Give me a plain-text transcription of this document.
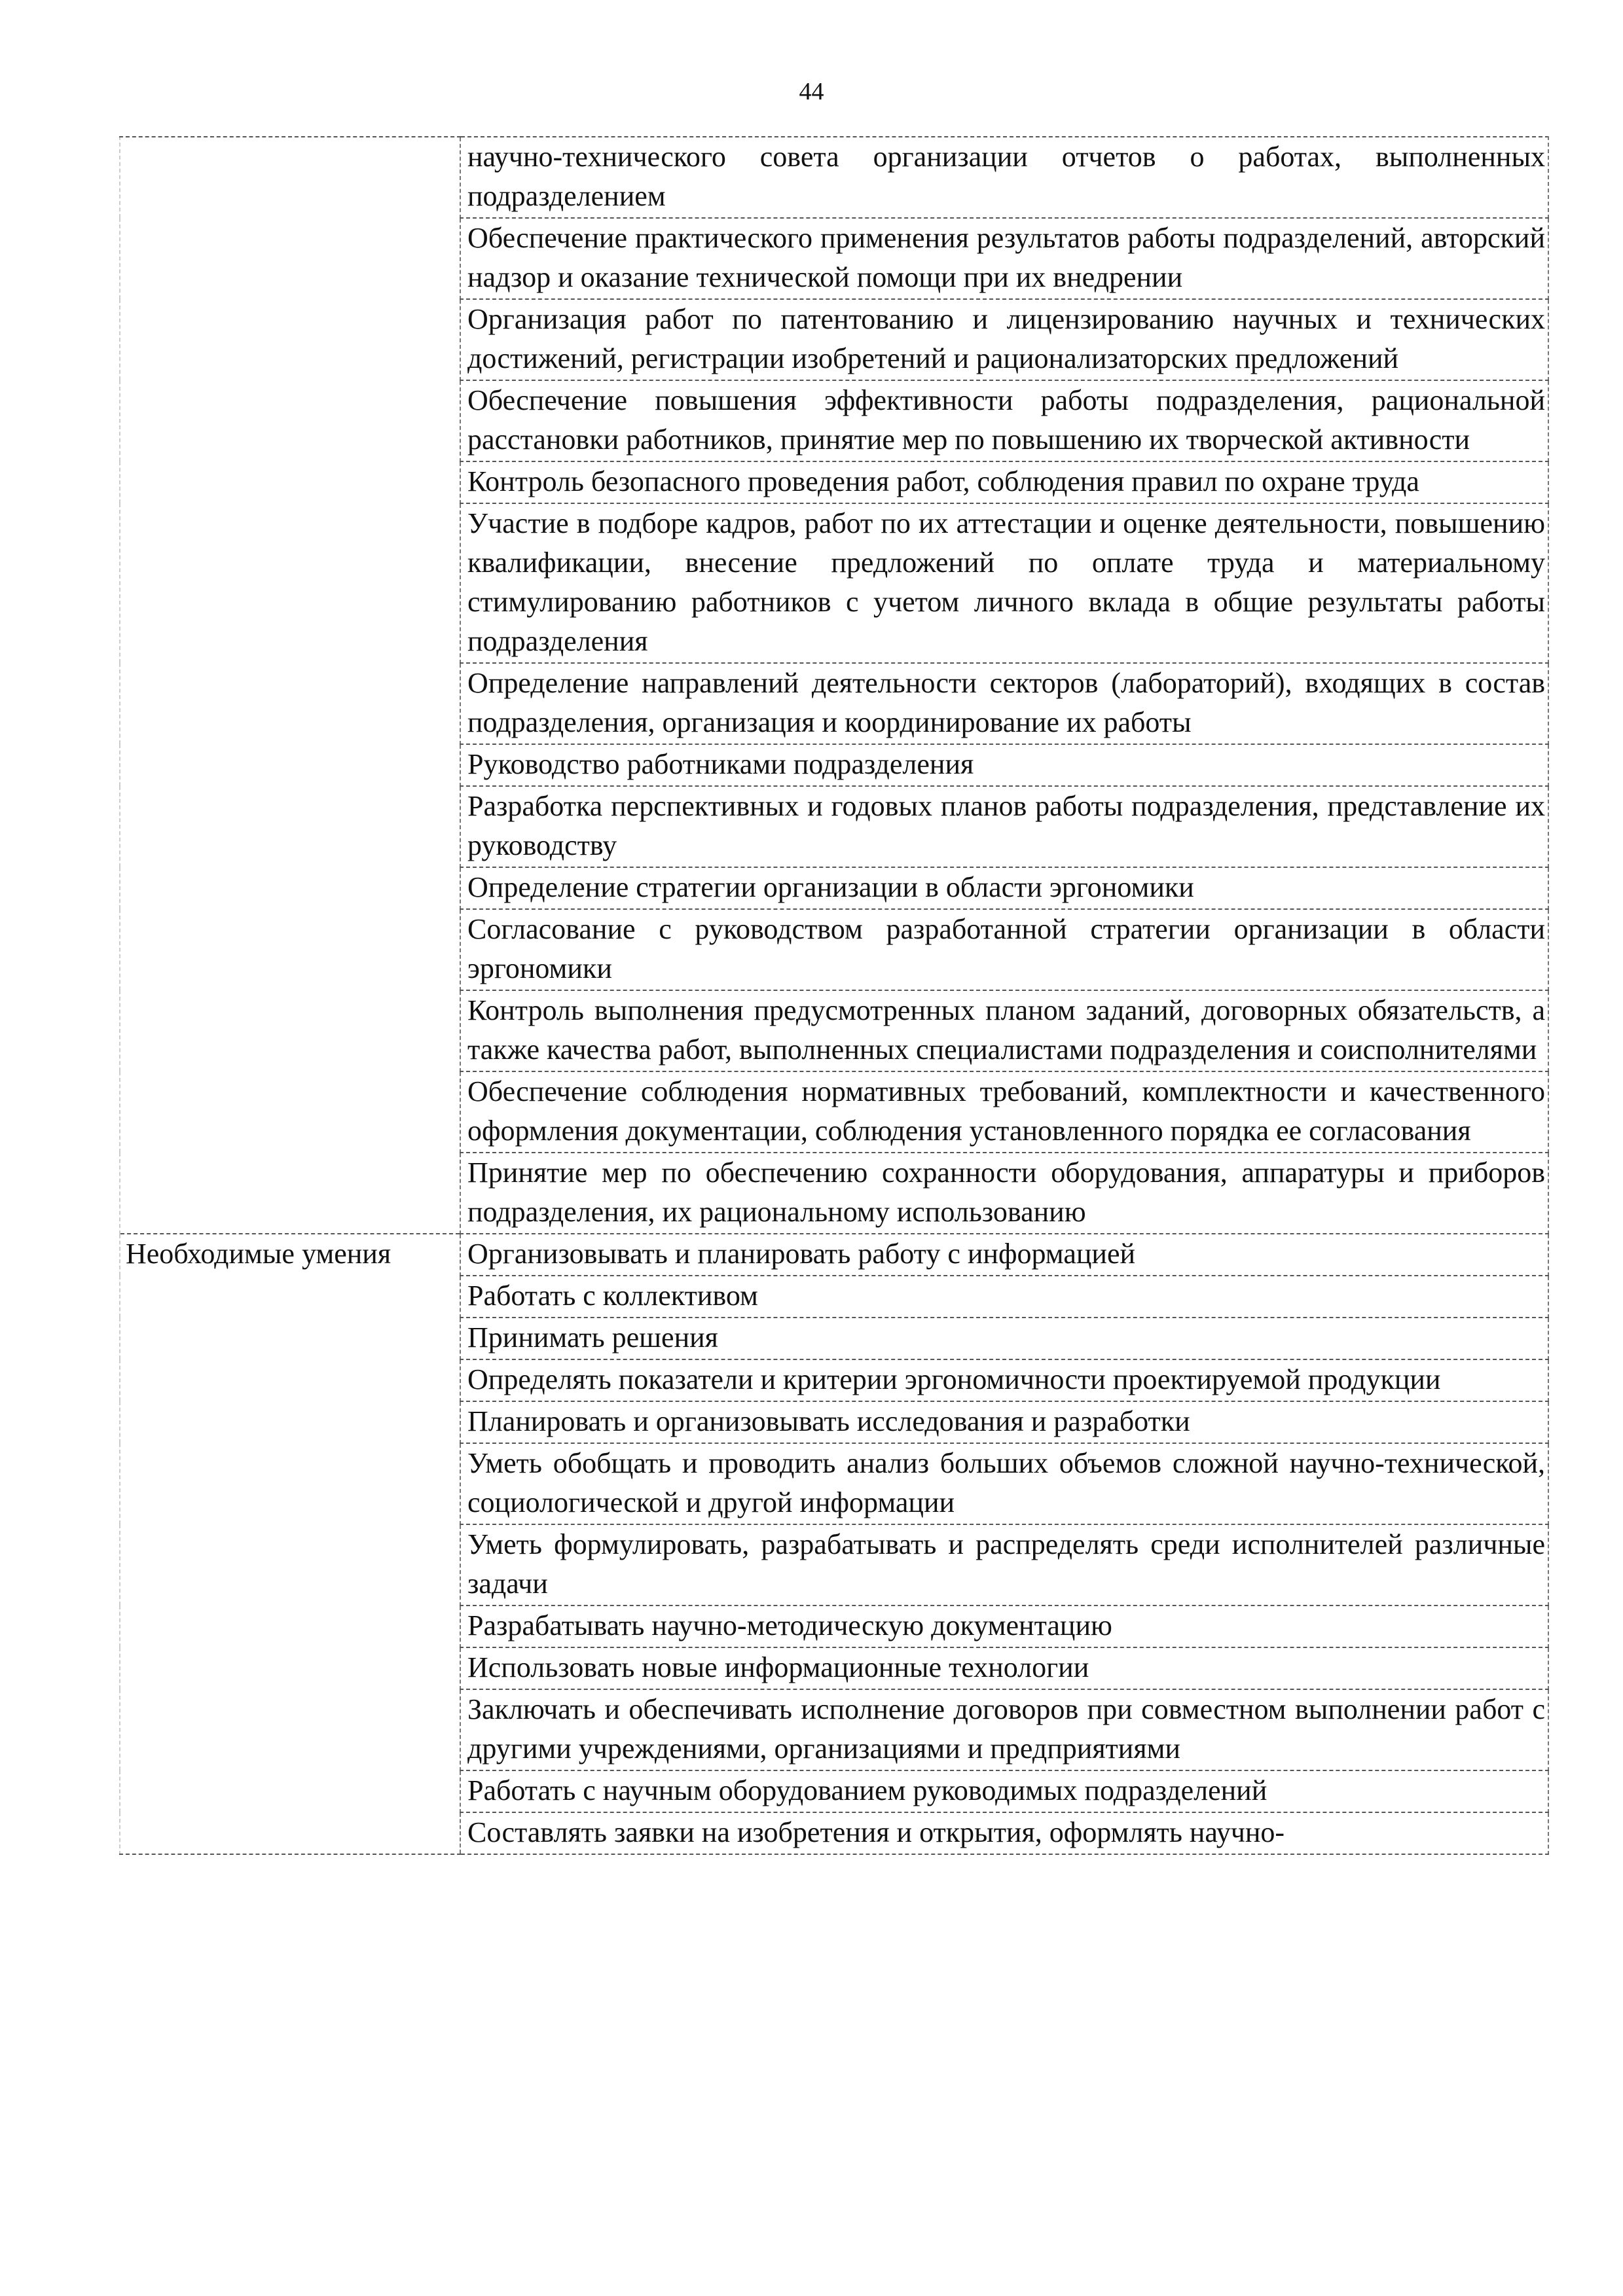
44
	научно-технического совета организации отчетов о работах, выполненных подразделением
	Обеспечение практического применения результатов работы подразделений, авторский надзор и оказание технической помощи при их внедрении
	Организация работ по патентованию и лицензированию научных и технических достижений, регистрации изобретений и рационализаторских предложений
	Обеспечение повышения эффективности работы подразделения, рациональной расстановки работников, принятие мер по повышению их творческой активности
	Контроль безопасного проведения работ, соблюдения правил по охране труда
	Участие в подборе кадров, работ по их аттестации и оценке деятельности, повышению квалификации, внесение предложений по оплате труда и материальному стимулированию работников с учетом личного вклада в общие результаты работы подразделения
	Определение направлений деятельности секторов (лабораторий), входящих в состав подразделения, организация и координирование их работы
	Руководство работниками подразделения
	Разработка перспективных и годовых планов работы подразделения, представление их руководству
	Определение стратегии организации в области эргономики
	Согласование с руководством разработанной стратегии организации в области эргономики
	Контроль выполнения предусмотренных планом заданий, договорных обязательств, а также качества работ, выполненных специалистами подразделения и соисполнителями
	Обеспечение соблюдения нормативных требований, комплектности и качественного оформления документации, соблюдения установленного порядка ее согласования
	Принятие мер по обеспечению сохранности оборудования, аппаратуры и приборов подразделения, их рациональному использованию
Необходимые умения	Организовывать и планировать работу с информацией
	Работать с коллективом
	Принимать решения
	Определять показатели и критерии эргономичности проектируемой продукции
	Планировать и организовывать исследования и разработки
	Уметь обобщать и проводить анализ больших объемов сложной научно-технической, социологической и другой информации
	Уметь формулировать, разрабатывать и распределять среди исполнителей различные задачи
	Разрабатывать научно-методическую документацию
	Использовать новые информационные технологии
	Заключать и обеспечивать исполнение договоров при совместном выполнении работ с другими учреждениями, организациями и предприятиями
	Работать с научным оборудованием руководимых подразделений
	Составлять заявки на изобретения и открытия, оформлять научно-
